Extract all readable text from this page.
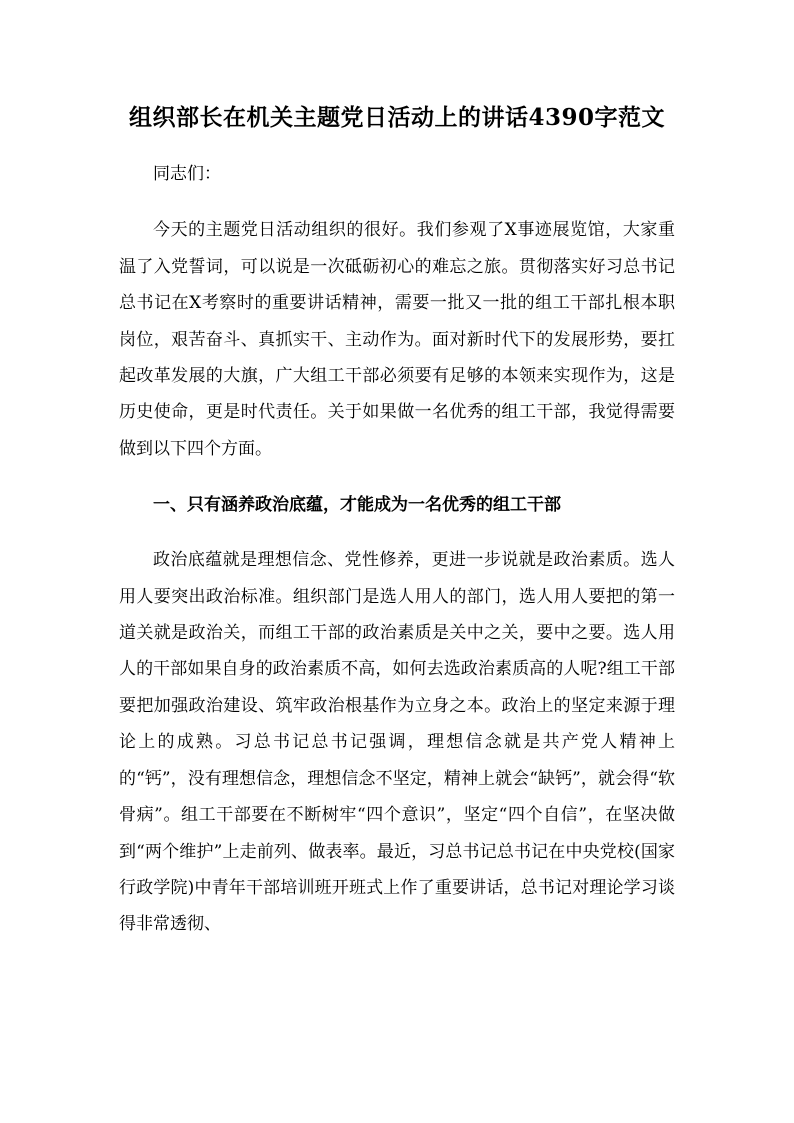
组织部长在机关主题党日活动上的讲话4390字范文

同志们：

今天的主题党日活动组织的很好。我们参观了X事迹展览馆，大家重温了入党誓词，可以说是一次砥砺初心的难忘之旅。贯彻落实好习总书记总书记在X考察时的重要讲话精神，需要一批又一批的组工干部扎根本职岗位，艰苦奋斗、真抓实干、主动作为。面对新时代下的发展形势，要扛起改革发展的大旗，广大组工干部必须要有足够的本领来实现作为，这是历史使命，更是时代责任。关于如果做一名优秀的组工干部，我觉得需要做到以下四个方面。

一、只有涵养政治底蕴，才能成为一名优秀的组工干部

政治底蕴就是理想信念、党性修养，更进一步说就是政治素质。选人用人要突出政治标准。组织部门是选人用人的部门，选人用人要把的第一道关就是政治关，而组工干部的政治素质是关中之关，要中之要。选人用人的干部如果自身的政治素质不高，如何去选政治素质高的人呢?组工干部要把加强政治建设、筑牢政治根基作为立身之本。政治上的坚定来源于理论上的成熟。习总书记总书记强调，理想信念就是共产党人精神上的“钙”，没有理想信念，理想信念不坚定，精神上就会“缺钙”，就会得“软骨病”。组工干部要在不断树牢“四个意识”，坚定“四个自信”，在坚决做到“两个维护”上走前列、做表率。最近，习总书记总书记在中央党校(国家行政学院)中青年干部培训班开班式上作了重要讲话，总书记对理论学习谈得非常透彻、
